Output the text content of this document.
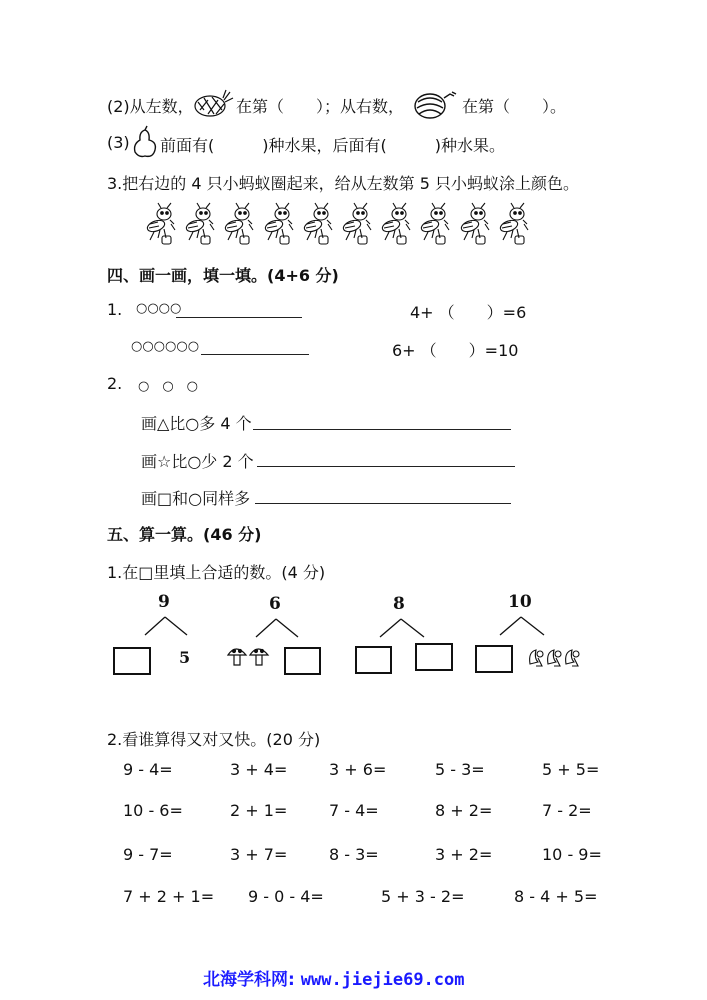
(2)从左数，	在第（　　）；从右数，	在第（　　）。
(3) 前面有(　　　)种水果，后面有(　　　)种水果。
3.把右边的 4 只小蚂蚁圈起来，给从左数第 5 只小蚂蚁涂上颜色。
四、画一画，填一填。(4+6 分)
1. ○○○○	4+ （　　）=6
○○○○○○	6+ （　　）=10
2. ○　○　○
画△比○多 4 个
画☆比○少 2 个
画□和○同样多
五、算一算。(46 分)
1.在□里填上合适的数。(4 分)
9
5
6	8	10
2.看谁算得又对又快。(20 分)
9 - 4=	3 + 4=	3 + 6=	5 - 3=	5 + 5=
10 - 6=	2 + 1=	7 - 4=	8 + 2=	7 - 2=
9 - 7=	3 + 7=	8 - 3=	3 + 2=	10 - 9=
7 + 2 + 1= 9 - 0 - 4=	5 + 3 - 2=	8 - 4 + 5=
北海学科网: www.jiejie69.com
